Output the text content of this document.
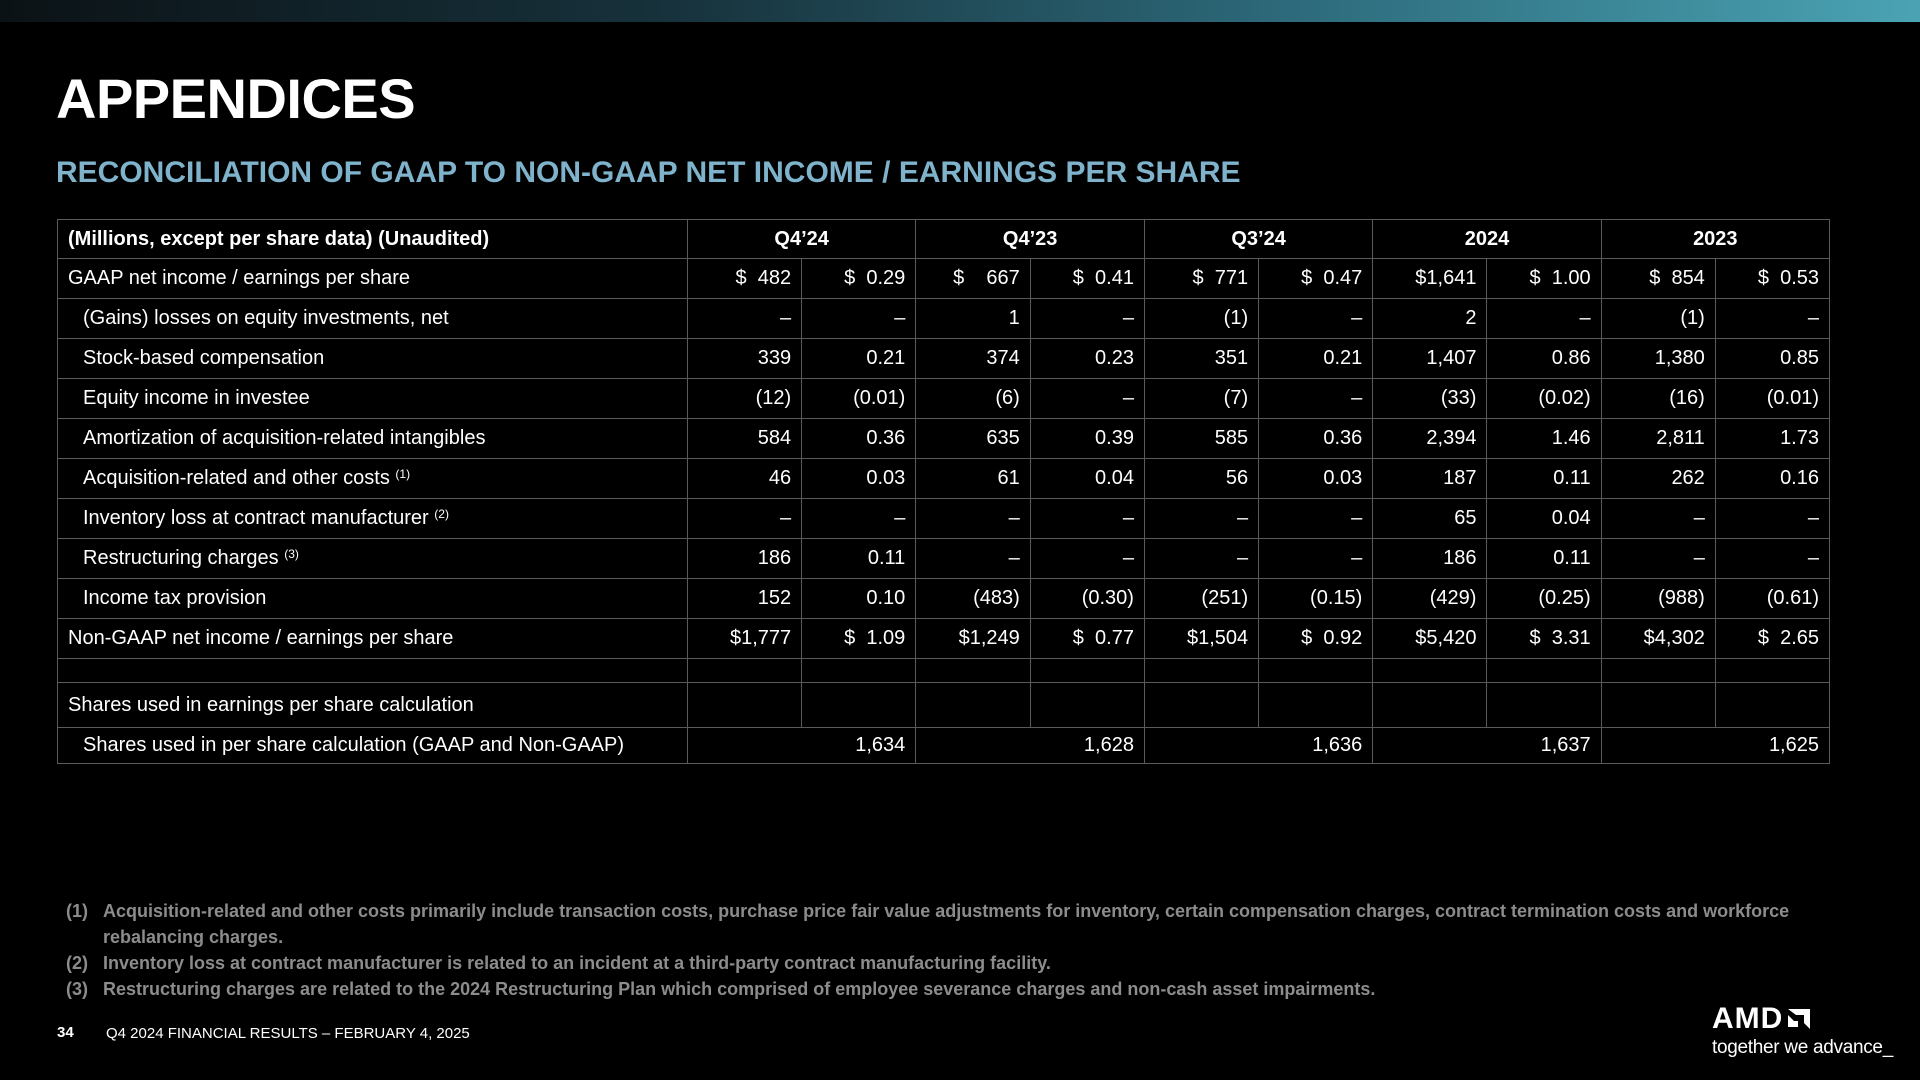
APPENDICES
RECONCILIATION OF GAAP TO NON-GAAP NET INCOME / EARNINGS PER SHARE
(Millions, except per share data) (Unaudited)	Q4’24		Q4’23		Q3’24		2024		2023	
GAAP net income / earnings per share	$  482	$  0.29	$    667	$  0.41	$  771	$  0.47	$1,641	$  1.00	$  854	$  0.53
(Gains) losses on equity investments, net	–	–	1	–	(1)	–	2	–	(1)	–
Stock-based compensation	339	0.21	374	0.23	351	0.21	1,407	0.86	1,380	0.85
Equity income in investee	(12)	(0.01)	(6)	–	(7)	–	(33)	(0.02)	(16)	(0.01)
Amortization of acquisition-related intangibles	584	0.36	635	0.39	585	0.36	2,394	1.46	2,811	1.73
Acquisition-related and other costs $^{(1)}$	46	0.03	61	0.04	56	0.03	187	0.11	262	0.16
Inventory loss at contract manufacturer $^{(2)}$	–	–	–	–	–	–	65	0.04	–	–
Restructuring charges $^{(3)}$	186	0.11	–	–	–	–	186	0.11	–	–
Income tax provision	152	0.10	(483)	(0.30)	(251)	(0.15)	(429)	(0.25)	(988)	(0.61)
Non-GAAP net income / earnings per share	$1,777	$  1.09	$1,249	$  0.77	$1,504	$  0.92	$5,420	$  3.31	$4,302	$  2.65

Shares used in earnings per share calculation										
Shares used in per share calculation (GAAP and Non-GAAP)	1,634		1,628		1,636		1,637		1,625	
(1) Acquisition-related and other costs primarily include transaction costs, purchase price fair value adjustments for inventory, certain compensation charges, contract termination costs and workforce rebalancing charges.
(2) Inventory loss at contract manufacturer is related to an incident at a third-party contract manufacturing facility.
(3) Restructuring charges are related to the 2024 Restructuring Plan which comprised of employee severance charges and non-cash asset impairments.
34 Q4 2024 FINANCIAL RESULTS – FEBRUARY 4, 2025	AMD
together we advance_
